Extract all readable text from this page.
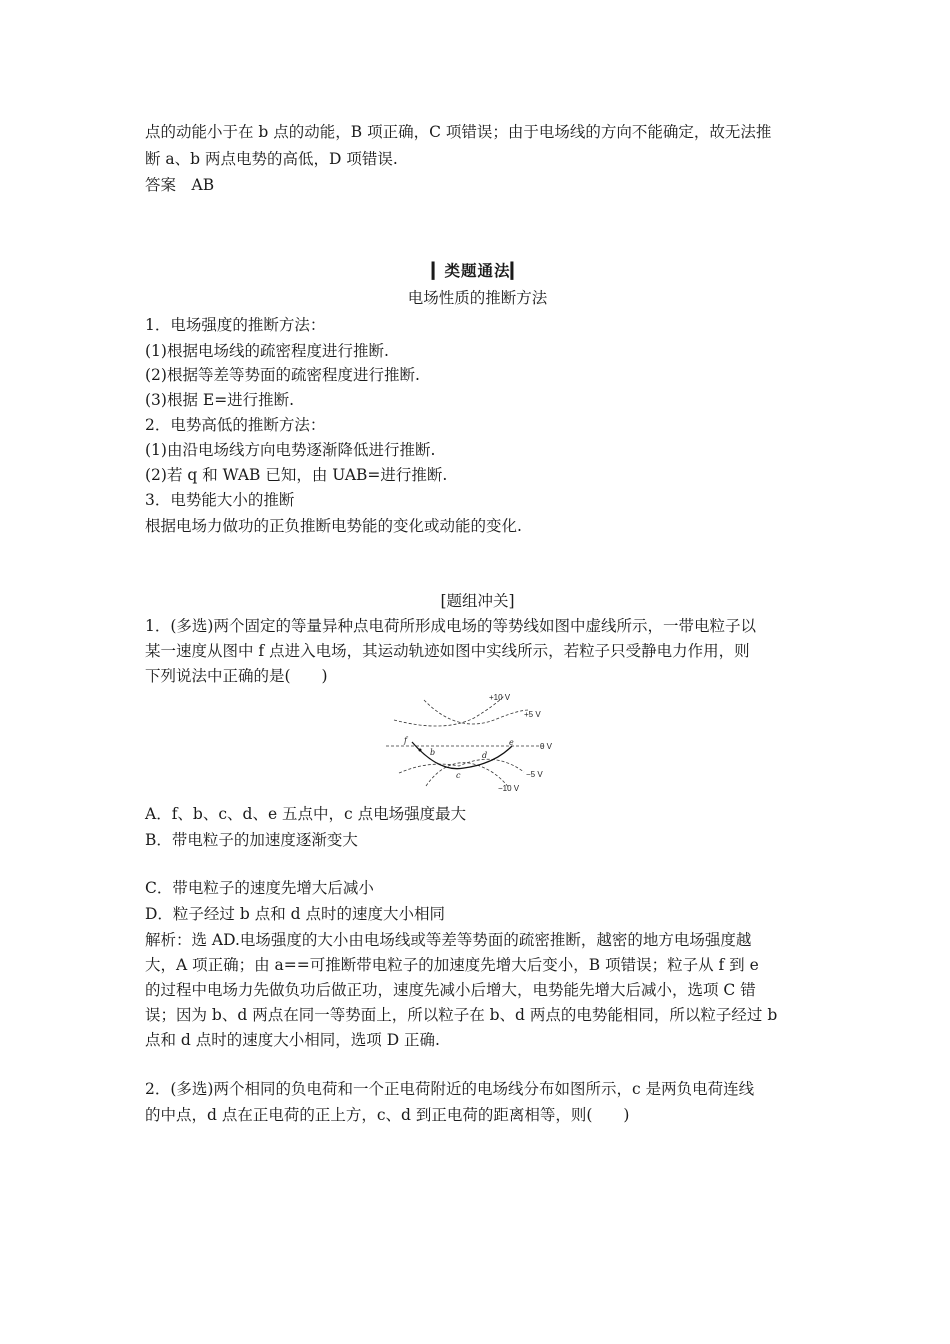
点的动能小于在 b 点的动能，B 项正确，C 项错误；由于电场线的方向不能确定，故无法推
断 a、b 两点电势的高低，D 项错误.
答案　AB
▎类题通法▎
电场性质的推断方法
1．电场强度的推断方法：
(1)根据电场线的疏密程度进行推断.
(2)根据等差等势面的疏密程度进行推断.
(3)根据 E=进行推断.
2．电势高低的推断方法：
(1)由沿电场线方向电势逐渐降低进行推断.
(2)若 q 和 WAB 已知，由 UAB=进行推断.
3．电势能大小的推断
根据电场力做功的正负推断电势能的变化或动能的变化.
[题组冲关]
1．(多选)两个固定的等量异种点电荷所形成电场的等势线如图中虚线所示，一带电粒子以
某一速度从图中 f 点进入电场，其运动轨迹如图中实线所示，若粒子只受静电力作用，则
下列说法中正确的是(　　)
+10 V
+5 V
0 V
−5 V
−10 V
f
b
c
d
e
A．f、b、c、d、e 五点中，c 点电场强度最大
B．带电粒子的加速度逐渐变大
C．带电粒子的速度先增大后减小
D．粒子经过 b 点和 d 点时的速度大小相同
解析：选 AD.电场强度的大小由电场线或等差等势面的疏密推断，越密的地方电场强度越
大，A 项正确；由 a==可推断带电粒子的加速度先增大后变小，B 项错误；粒子从 f 到 e
的过程中电场力先做负功后做正功，速度先减小后增大，电势能先增大后减小，选项 C 错
误；因为 b、d 两点在同一等势面上，所以粒子在 b、d 两点的电势能相同，所以粒子经过 b
点和 d 点时的速度大小相同，选项 D 正确.
2．(多选)两个相同的负电荷和一个正电荷附近的电场线分布如图所示，c 是两负电荷连线
的中点，d 点在正电荷的正上方，c、d 到正电荷的距离相等，则(　　)
